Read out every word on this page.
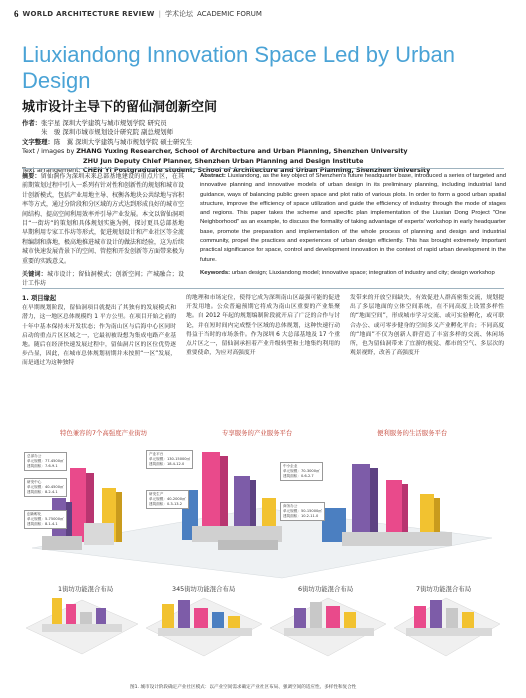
6 WORLD ARCHITECTURE REVIEW | 学术论坛 ACADEMIC FORUM
Liuxiandong Innovation Space Led by Urban Design
城市设计主导下的留仙洞创新空间
作者：张宇星 深圳大学建筑与城市规划学院 研究员
　　　朱　骏 深圳市城市规划设计研究院 副总规划师
文字整理：陈　翼 深圳大学建筑与城市规划学院 硕士研究生
Text / images by ZHANG Yuxing Researcher, School of Architecture and Urban Planning, Shenzhen University
ZHU Jun Deputy Chief Planner, Shenzhen Urban Planning and Design Institute
Text arrangement: CHEN Yi Postgraduate student, School of Architecture and Urban Planning, Shenzhen University
摘要：留仙洞作为深圳未来总部基地建设的重点片区，在其前期策划过程中引入一系列有针对性和创新性的规划和城市设计创新模式，包括产业用地主导、权衡各地块公共绿地与容积率等方式，通过分阶段和分区域的方式达到形成良好的城市空间结构、提高空间利用效率并引导产业发展。本文以留仙洞项目“一街坊”的策划和具体规划实施为例，探讨更具总部基地早期利用专家工作坊等形式，促进规划设计和产业社区等全流程编制和落地，极高地推进城市设计的做法和经验，这为后续城市快速发展背景下的空间、管控和开发创新等方面带来极为重要的实践意义。
关键词：城市设计；留仙洞模式；创新空间；产城融合；设计工作坊
Abstract: Liuxiandong, as the key object of Shenzhen's future headquarter base, introduced a series of targeted and innovative planning and innovative models of urban design in its preliminary planning, including industrial land guidance, ways of balancing public green space and plot ratio of various plots. In order to form a good urban spatial structure, improve the efficiency of space utilization and guide the efficiency of industry through the mode of stages and regions. This paper takes the scheme and specific plan implementation of the Liuxian Dong Project "One Neighborhood" as an example, to discuss the formality of taking advantage of experts' workshop in early headquarter base, promote the preparation and implementation of the whole process of planning and design and industrial community, propel the practices and experiences of urban design efficiently. This has brought extremely important practical significance for space, control and development innovation in the context of rapid urban development in the future.
Keywords: urban design; Liuxiandong model; innovative space; integration of industry and city; design workshop
1. 项目缘起
在早期规划阶段，留仙洞项目就提出了其独有的发展模式和潜力，这一地区总体规模约 1 平方公里。在项目开始之前的十年中基本保持未开发状态；作为南山区与后海中心区同时启动的重点片区区域之一，它最初被设想为集成电路产业基地。随后在经济快速发展过程中，留仙洞片区的区位优势逐步凸显，因此，在城市总体规划初期并未按照“一区”发展，而是通过为这种独特
的地理和市场定位，使得它成为深圳南山区最强可能的促进开发用地。公众普遍预期它将成为南山区重要的产业集聚地。自 2012 年起的规划编制阶段就开启了广泛的合作与讨论，并在短时间内完成整个区域的总体规划，这种快速行动得益于当时的市场条件。作为深圳 6 大总部基地及 17 个重点片区之一，留仙洞承担着产业升级转型和土地集约利用的重要使命，为应对高强度开
发带来的开放空间缺失，有效促进人群高密集交流，规划提出了多层地面的立体空间系统，在不同高度上设置多样性的“地面空间”，形成城市学习交流、或可实验孵化，或可联合办公、或可零步健身的空间多义产业孵化平台；不同高度的“地面”不仅为创新人群营造了丰富多样的交流、休闲场所，也为留仙洞带来了宜游的视觉、都市的空气、多层次的观景视野，改善了高强度开
特色兼容的7个高强度产业街坊	专享服务的产业服务平台	便利服务的生活服务平台
总部办公
单元规模：77-4500㎡
建筑面积：7.6-9.1
研发中心
单元规模：40-4500㎡
建筑面积：8.2-4.1
创新孵化
单元规模：5-75000㎡
建筑面积：8.1-4.1
产业平台
单元规模：130-15000㎡
建筑面积：18.4-12.0
研发生产
单元规模：40-2000㎡
建筑面积：0.3-13.2
中小企业
单元规模：70-3000㎡
建筑面积：0.6-2.7
商务办公
单元规模：50-15000㎡
建筑面积：10.2-11.0
1街坊功能混合布局	345街坊功能混合布局	6街坊功能混合布局	7街坊功能混合布局
图1. 城市设计阶段确定产业社区模式：以产业空间需求确定产业社区布局、强调空间的适应性、多样性和复合性
